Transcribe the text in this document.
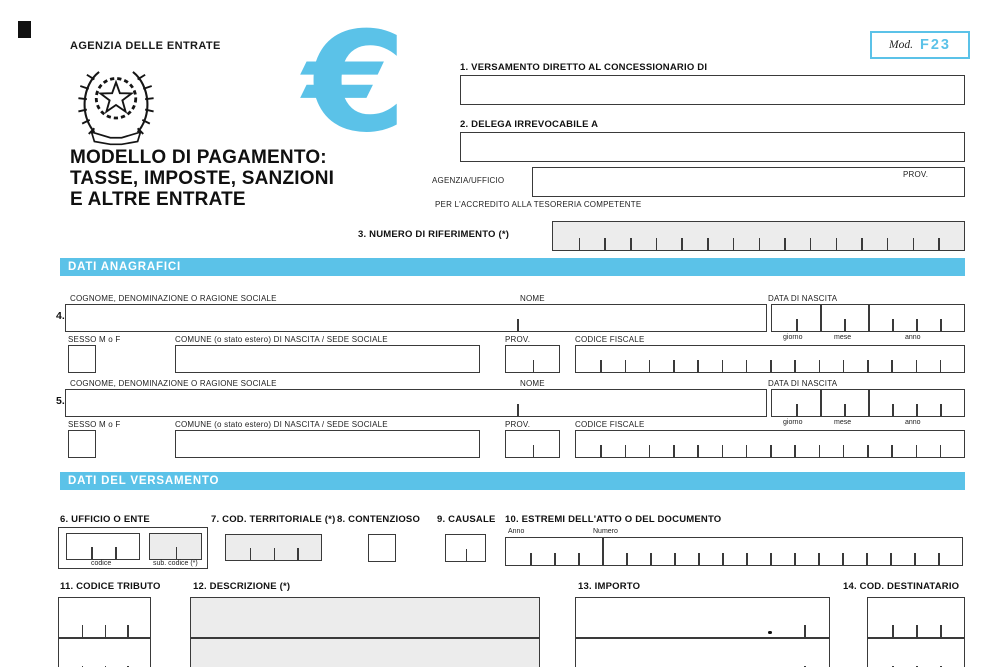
AGENZIA DELLE ENTRATE
MODELLO DI PAGAMENTO:
TASSE, IMPOSTE, SANZIONI
E ALTRE ENTRATE
€	Mod. F23
1. VERSAMENTO DIRETTO AL CONCESSIONARIO DI
2. DELEGA IRREVOCABILE A
AGENZIA/UFFICIO
PROV.
PER L'ACCREDITO ALLA TESORERIA COMPETENTE
3. NUMERO DI RIFERIMENTO (*)
DATI ANAGRAFICI
4.
COGNOME, DENOMINAZIONE O RAGIONE SOCIALE	NOME	DATA DI NASCITA
giorno	mese	anno
SESSO M o F	COMUNE (o stato estero) DI NASCITA / SEDE SOCIALE	PROV.	CODICE FISCALE
5.
COGNOME, DENOMINAZIONE O RAGIONE SOCIALE	NOME	DATA DI NASCITA
giorno	mese	anno
SESSO M o F	COMUNE (o stato estero) DI NASCITA / SEDE SOCIALE	PROV.	CODICE FISCALE
DATI DEL VERSAMENTO
6. UFFICIO O ENTE	7. COD. TERRITORIALE (*) 8. CONTENZIOSO 9. CAUSALE 10. ESTREMI DELL'ATTO O DEL DOCUMENTO
Anno	Numero
codice	sub. codice (*)
11. CODICE TRIBUTO	12. DESCRIZIONE (*)	13. IMPORTO	14. COD. DESTINATARIO
